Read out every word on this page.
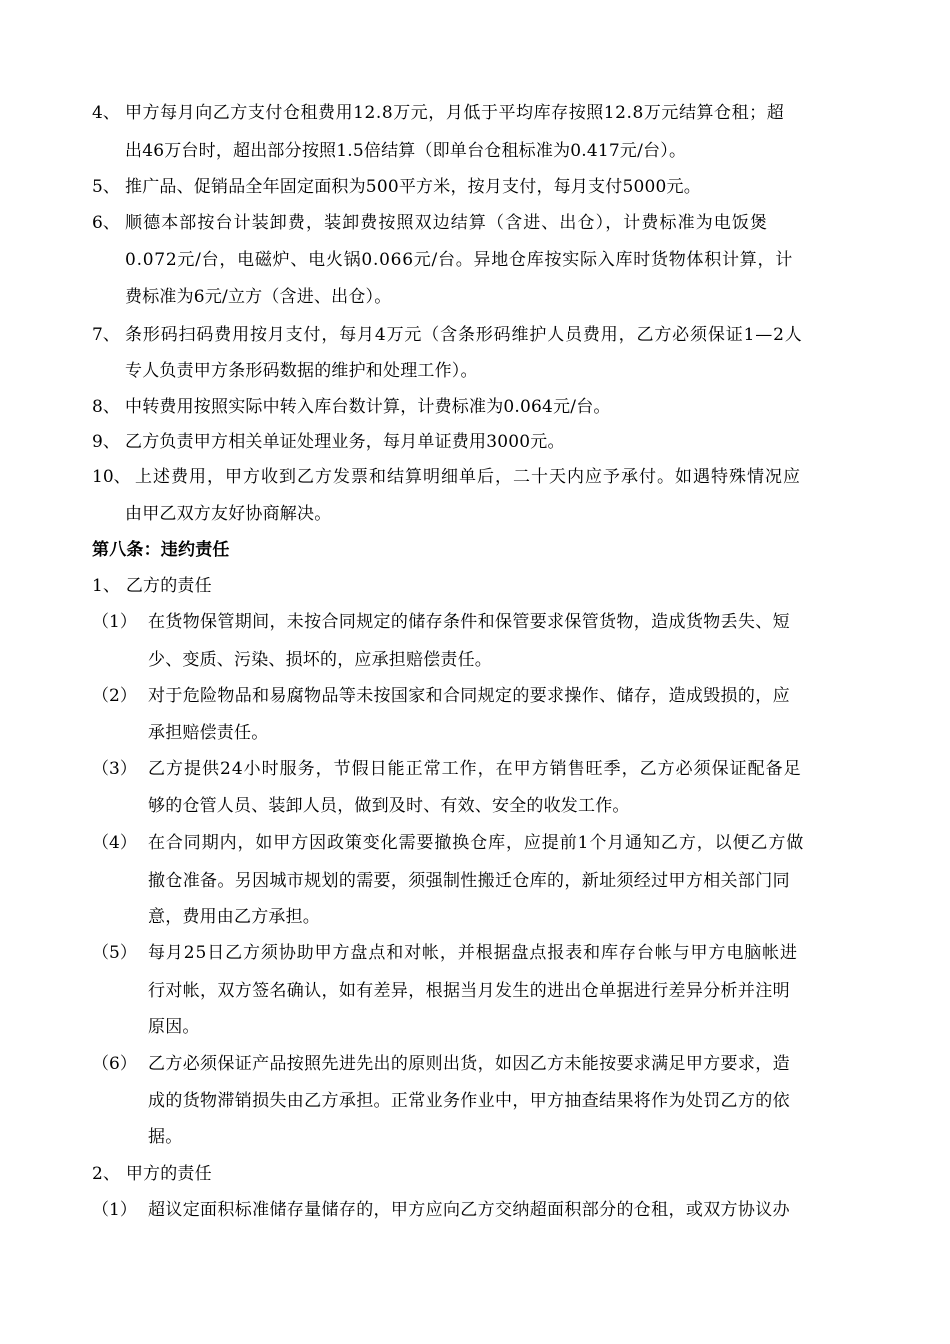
4、 甲方每月向乙方支付仓租费用12.8万元，月低于平均库存按照12.8万元结算仓租；超
出46万台时，超出部分按照1.5倍结算（即单台仓租标准为0.417元/台）。
5、 推广品、促销品全年固定面积为500平方米，按月支付，每月支付5000元。
6、 顺德本部按台计装卸费，装卸费按照双边结算（含进、出仓），计费标准为电饭煲
0.072元/台，电磁炉、电火锅0.066元/台。异地仓库按实际入库时货物体积计算，计
费标准为6元/立方（含进、出仓）。
7、 条形码扫码费用按月支付，每月4万元（含条形码维护人员费用，乙方必须保证1—2人
专人负责甲方条形码数据的维护和处理工作）。
8、 中转费用按照实际中转入库台数计算，计费标准为0.064元/台。
9、 乙方负责甲方相关单证处理业务，每月单证费用3000元。
10、 上述费用，甲方收到乙方发票和结算明细单后，二十天内应予承付。如遇特殊情况应
由甲乙双方友好协商解决。
第八条：违约责任
1、 乙方的责任
（1） 在货物保管期间，未按合同规定的储存条件和保管要求保管货物，造成货物丢失、短
少、变质、污染、损坏的，应承担赔偿责任。
（2） 对于危险物品和易腐物品等未按国家和合同规定的要求操作、储存，造成毁损的，应
承担赔偿责任。
（3） 乙方提供24小时服务，节假日能正常工作，在甲方销售旺季，乙方必须保证配备足
够的仓管人员、装卸人员，做到及时、有效、安全的收发工作。
（4） 在合同期内，如甲方因政策变化需要撤换仓库，应提前1个月通知乙方，以便乙方做
撤仓准备。另因城市规划的需要，须强制性搬迁仓库的，新址须经过甲方相关部门同
意，费用由乙方承担。
（5） 每月25日乙方须协助甲方盘点和对帐，并根据盘点报表和库存台帐与甲方电脑帐进
行对帐，双方签名确认，如有差异，根据当月发生的进出仓单据进行差异分析并注明
原因。
（6） 乙方必须保证产品按照先进先出的原则出货，如因乙方未能按要求满足甲方要求，造
成的货物滞销损失由乙方承担。正常业务作业中，甲方抽查结果将作为处罚乙方的依
据。
2、 甲方的责任
（1） 超议定面积标准储存量储存的，甲方应向乙方交纳超面积部分的仓租，或双方协议办
